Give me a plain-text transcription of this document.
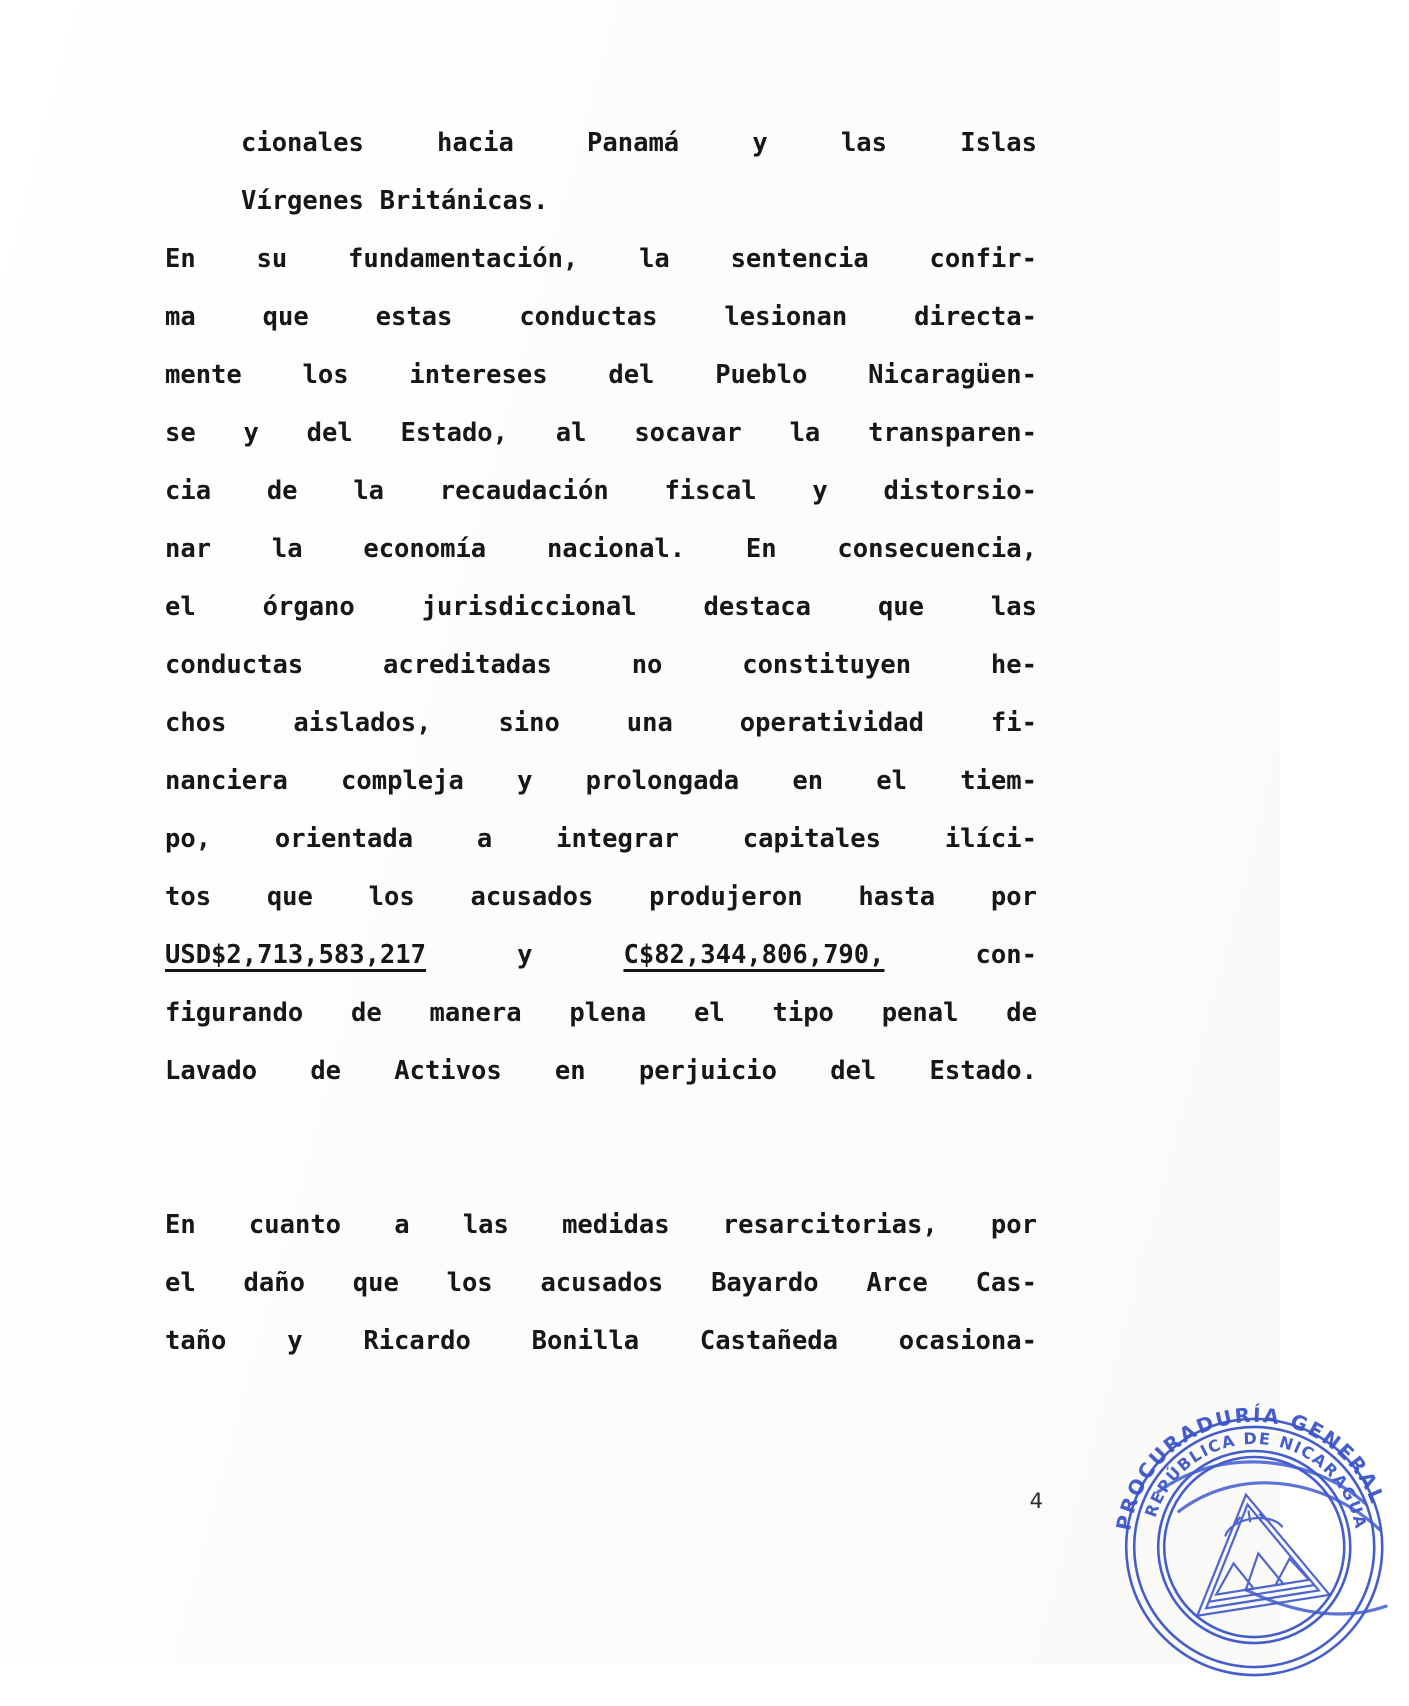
cionales	hacia	Panamá	y	las	Islas
Vírgenes Británicas.
En su fundamentación, la sentencia confir-
ma	que	estas	conductas	lesionan	directa-
mente los intereses del Pueblo Nicaragüen-
se y del Estado, al socavar la transparen-
cia de la recaudación fiscal y distorsio-
nar la economía nacional. En consecuencia,
el	órgano	jurisdiccional	destaca	que	las
conductas	acreditadas	no	constituyen	he-
chos	aislados,	sino	una	operatividad	fi-
nanciera compleja y prolongada en el tiem-
po,	orientada	a	integrar	capitales	ilíci-
tos que los acusados produjeron hasta por
USD$2,713,583,217	y	C$82,344,806,790,	con-
figurando de manera plena el tipo penal de
Lavado de Activos en perjuicio del Estado.
En cuanto a las medidas resarcitorias, por
el daño que los acusados Bayardo Arce Cas-
taño y Ricardo Bonilla Castañeda ocasiona-
4
PROCURADURÍA GENERAL
REPÚBLICA DE NICARAGUA
